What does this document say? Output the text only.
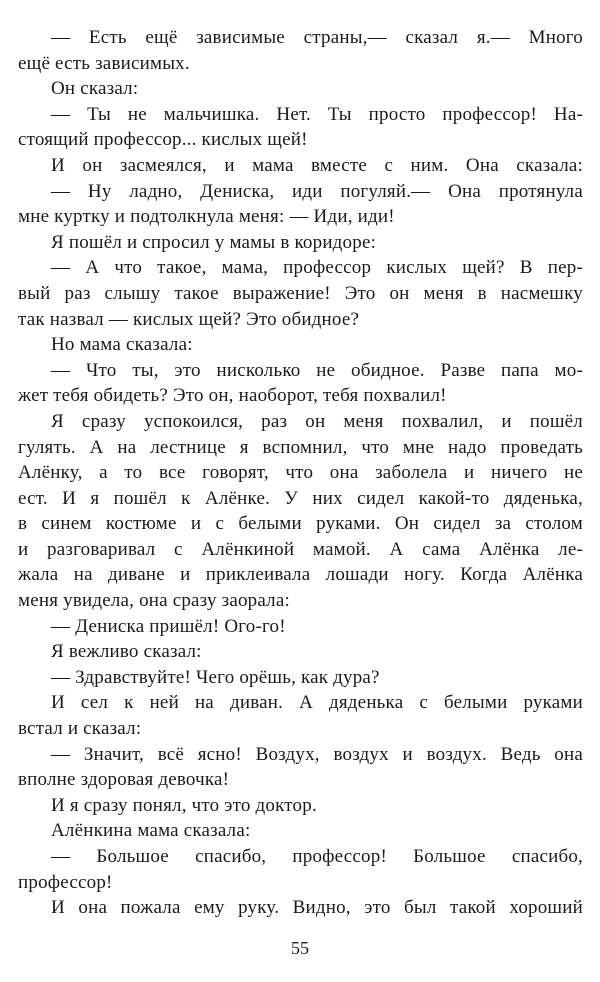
— Есть ещё зависимые страны,— сказал я.— Много
ещё есть зависимых.
Он сказал:
— Ты не мальчишка. Нет. Ты просто профессор! На-
стоящий профессор... кислых щей!
И он засмеялся, и мама вместе с ним. Она сказала:
— Ну ладно, Дениска, иди погуляй.— Она протянула
мне куртку и подтолкнула меня: — Иди, иди!
Я пошёл и спросил у мамы в коридоре:
— А что такое, мама, профессор кислых щей? В пер-
вый раз слышу такое выражение! Это он меня в насмешку
так назвал — кислых щей? Это обидное?
Но мама сказала:
— Что ты, это нисколько не обидное. Разве папа мо-
жет тебя обидеть? Это он, наоборот, тебя похвалил!
Я сразу успокоился, раз он меня похвалил, и пошёл
гулять. А на лестнице я вспомнил, что мне надо проведать
Алёнку, а то все говорят, что она заболела и ничего не
ест. И я пошёл к Алёнке. У них сидел какой-то дяденька,
в синем костюме и с белыми руками. Он сидел за столом
и разговаривал с Алёнкиной мамой. А сама Алёнка ле-
жала на диване и приклеивала лошади ногу. Когда Алёнка
меня увидела, она сразу заорала:
— Дениска пришёл! Ого-го!
Я вежливо сказал:
— Здравствуйте! Чего орёшь, как дура?
И сел к ней на диван. А дяденька с белыми руками
встал и сказал:
— Значит, всё ясно! Воздух, воздух и воздух. Ведь она
вполне здоровая девочка!
И я сразу понял, что это доктор.
Алёнкина мама сказала:
— Большое спасибо, профессор! Большое спасибо,
профессор!
И она пожала ему руку. Видно, это был такой хороший
55
